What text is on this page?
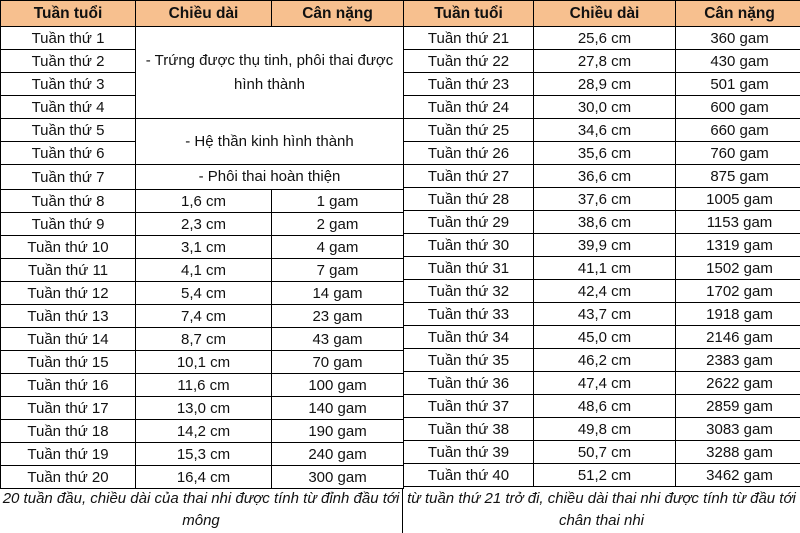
Tuần tuổi	Chiều dài	Cân nặng
Tuần thứ 1	- Trứng được thụ tinh, phôi thai được hình thành	
Tuần thứ 2		
Tuần thứ 3		
Tuần thứ 4		
Tuần thứ 5	- Hệ thần kinh hình thành	
Tuần thứ 6		
Tuần thứ 7	- Phôi thai hoàn thiện	
Tuần thứ 8	1,6 cm	1 gam
Tuần thứ 9	2,3 cm	2 gam
Tuần thứ 10	3,1 cm	4 gam
Tuần thứ 11	4,1 cm	7 gam
Tuần thứ 12	5,4 cm	14 gam
Tuần thứ 13	7,4 cm	23 gam
Tuần thứ 14	8,7 cm	43 gam
Tuần thứ 15	10,1 cm	70 gam
Tuần thứ 16	11,6 cm	100 gam
Tuần thứ 17	13,0 cm	140 gam
Tuần thứ 18	14,2 cm	190 gam
Tuần thứ 19	15,3 cm	240 gam
Tuần thứ 20	16,4 cm	300 gam
Tuần tuổi	Chiều dài	Cân nặng
Tuần thứ 21	25,6 cm	360 gam
Tuần thứ 22	27,8 cm	430 gam
Tuần thứ 23	28,9 cm	501 gam
Tuần thứ 24	30,0 cm	600 gam
Tuần thứ 25	34,6 cm	660 gam
Tuần thứ 26	35,6 cm	760 gam
Tuần thứ 27	36,6 cm	875 gam
Tuần thứ 28	37,6 cm	1005 gam
Tuần thứ 29	38,6 cm	1153 gam
Tuần thứ 30	39,9 cm	1319 gam
Tuần thứ 31	41,1 cm	1502 gam
Tuần thứ 32	42,4 cm	1702 gam
Tuần thứ 33	43,7 cm	1918 gam
Tuần thứ 34	45,0 cm	2146 gam
Tuần thứ 35	46,2 cm	2383 gam
Tuần thứ 36	47,4 cm	2622 gam
Tuần thứ 37	48,6 cm	2859 gam
Tuần thứ 38	49,8 cm	3083 gam
Tuần thứ 39	50,7 cm	3288 gam
Tuần thứ 40	51,2 cm	3462 gam
20 tuần đầu, chiều dài của thai nhi được tính từ đỉnh đầu tới mông
từ tuần thứ 21 trở đi, chiều dài thai nhi được tính từ đầu tới chân thai nhi
